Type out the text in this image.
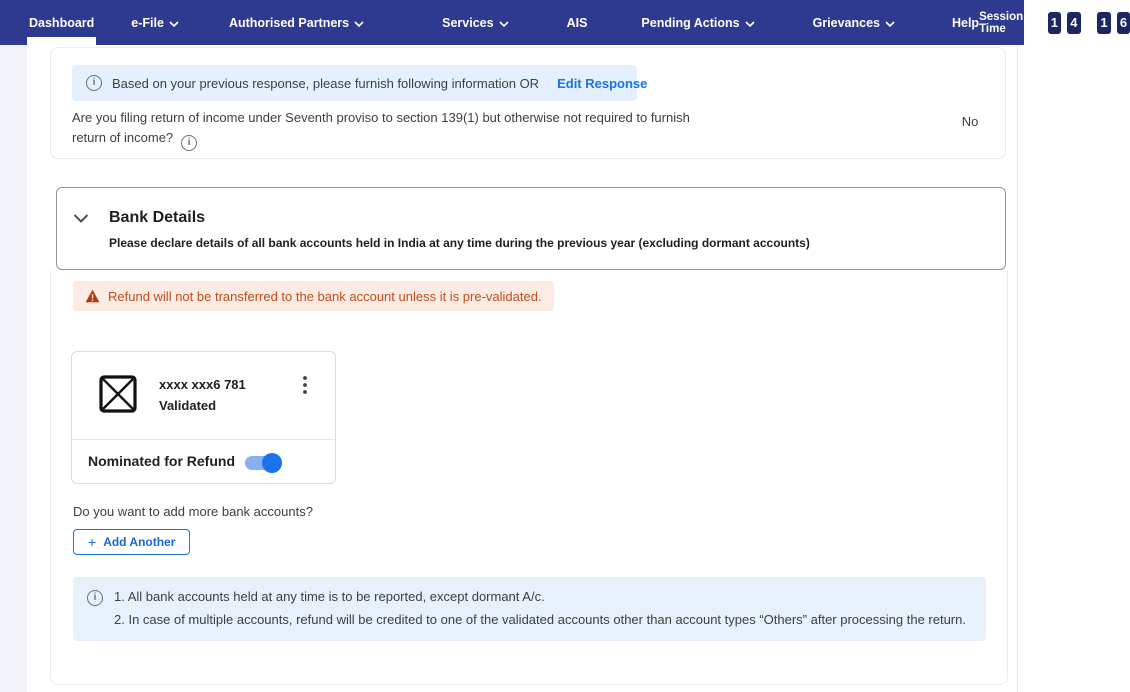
Dashboard	e-File	Authorised Partners	Services	AIS	Pending Actions	Grievances	Help Session Time	1 4 : 1 6
i
Based on your previous response, please furnish following information OR Edit Response

Are you filing return of income under Seventh proviso to section 139(1) but otherwise not required to furnish return of income?i

No
Bank Details
Please declare details of all bank accounts held in India at any time during the previous year (excluding dormant accounts)
Refund will not be transferred to the bank account unless it is pre-validated.
xxxx xxx6 781
Validated
Nominated for Refund
Do you want to add more bank accounts?
+ Add Another
i
1. All bank accounts held at any time is to be reported, except dormant A/c.
2. In case of multiple accounts, refund will be credited to one of the validated accounts other than account types “Others” after processing the return.
